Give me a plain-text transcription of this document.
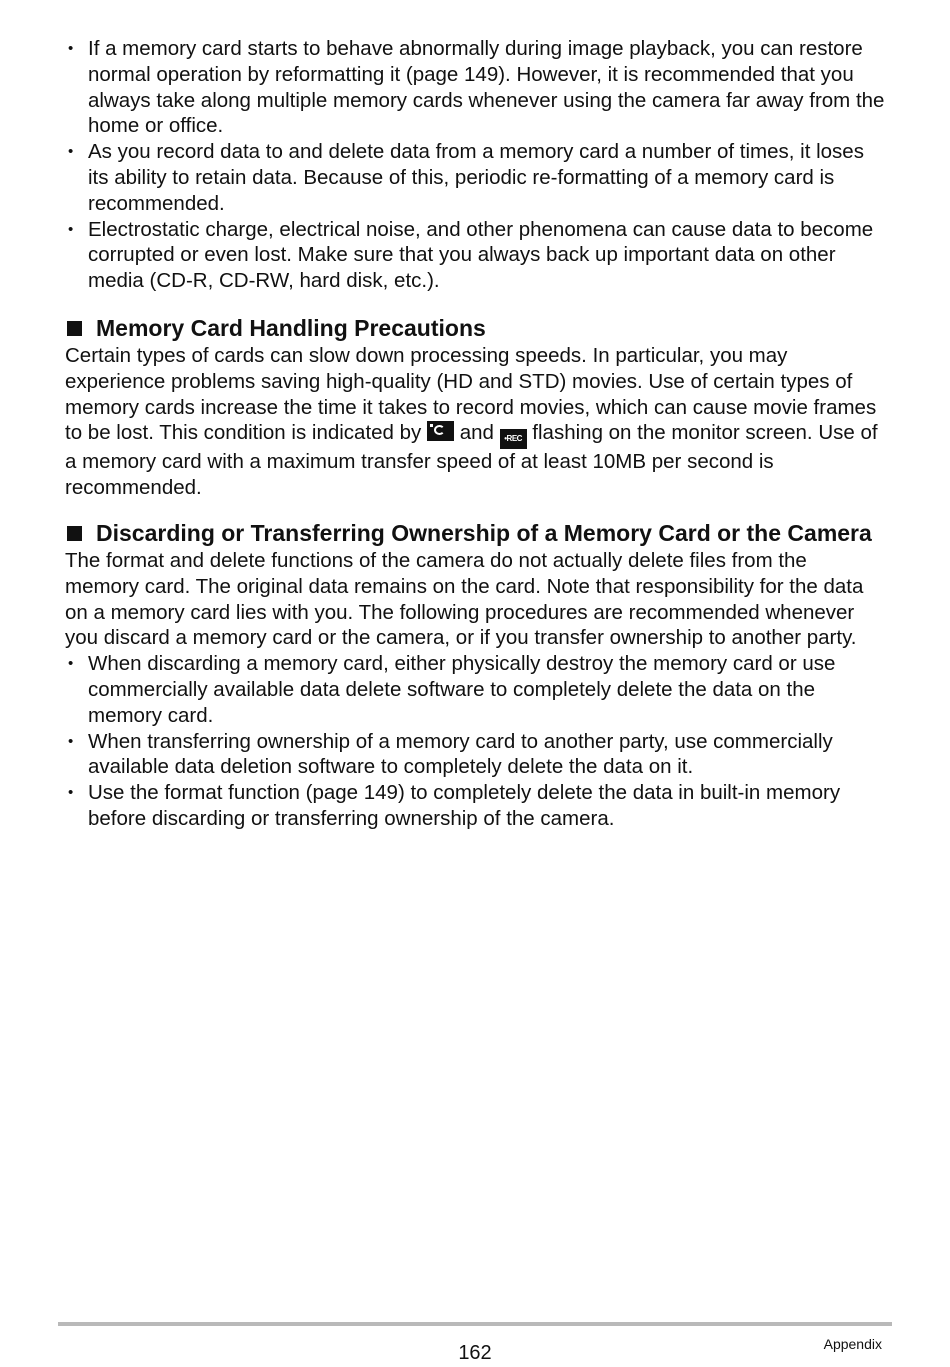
• If a memory card starts to behave abnormally during image playback, you can restore normal operation by reformatting it (page 149). However, it is recommended that you always take along multiple memory cards whenever using the camera far away from the home or office.
• As you record data to and delete data from a memory card a number of times, it loses its ability to retain data. Because of this, periodic re-formatting of a memory card is recommended.
• Electrostatic charge, electrical noise, and other phenomena can cause data to become corrupted or even lost. Make sure that you always back up important data on other media (CD-R, CD-RW, hard disk, etc.).
Memory Card Handling Precautions

Certain types of cards can slow down processing speeds. In particular, you may experience problems saving high-quality (HD and STD) movies. Use of certain types of memory cards increase the time it takes to record movies, which can cause movie frames to be lost. This condition is indicated by  and •REC flashing on the monitor screen. Use of a memory card with a maximum transfer speed of at least 10MB per second is recommended.

Discarding or Transferring Ownership of a Memory Card or the Camera

The format and delete functions of the camera do not actually delete files from the memory card. The original data remains on the card. Note that responsibility for the data on a memory card lies with you. The following procedures are recommended whenever you discard a memory card or the camera, or if you transfer ownership to another party.

• When discarding a memory card, either physically destroy the memory card or use commercially available data delete software to completely delete the data on the memory card.
• When transferring ownership of a memory card to another party, use commercially available data deletion software to completely delete the data on it.
• Use the format function (page 149) to completely delete the data in built-in memory before discarding or transferring ownership of the camera.
162	Appendix
